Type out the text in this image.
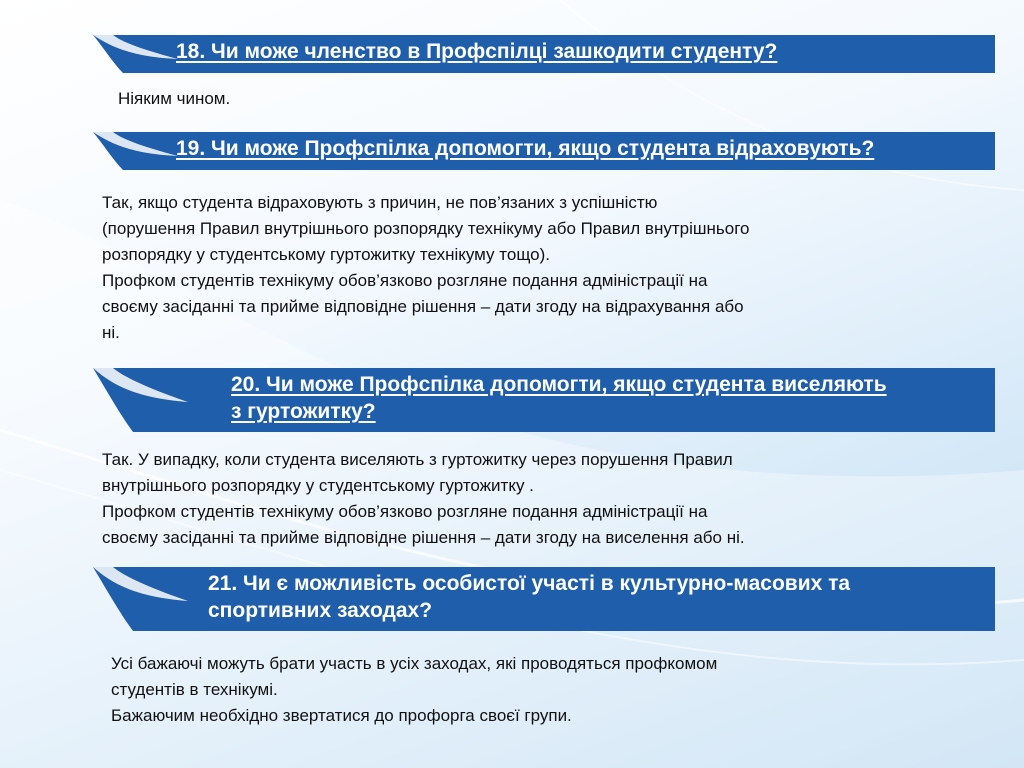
18. Чи може членство в Профспілці зашкодити студенту?

Ніяким чином.

19. Чи може Профспілка допомогти, якщо студента відраховують?

Так, якщо студента відраховують з причин, не пов’язаних з успішністю

(порушення Правил внутрішнього розпорядку технікуму або Правил внутрішнього

розпорядку у студентському гуртожитку технікуму тощо).

Профком студентів технікуму обов’язково розгляне подання адміністрації на

своєму засіданні та прийме відповідне рішення – дати згоду на відрахування або

ні.

20. Чи може Профспілка допомогти, якщо студента виселяють
з гуртожитку?

Так. У випадку, коли студента виселяють з гуртожитку через порушення Правил

внутрішнього розпорядку у студентському гуртожитку .

Профком студентів технікуму обов’язково розгляне подання адміністрації на

своєму засіданні та прийме відповідне рішення – дати згоду на виселення або ні.

21. Чи є можливість особистої участі в культурно-масових та
спортивних заходах?

Усі бажаючі можуть брати участь в усіх заходах, які проводяться профкомом

студентів в технікумі.

Бажаючим необхідно звертатися до профорга своєї групи.
